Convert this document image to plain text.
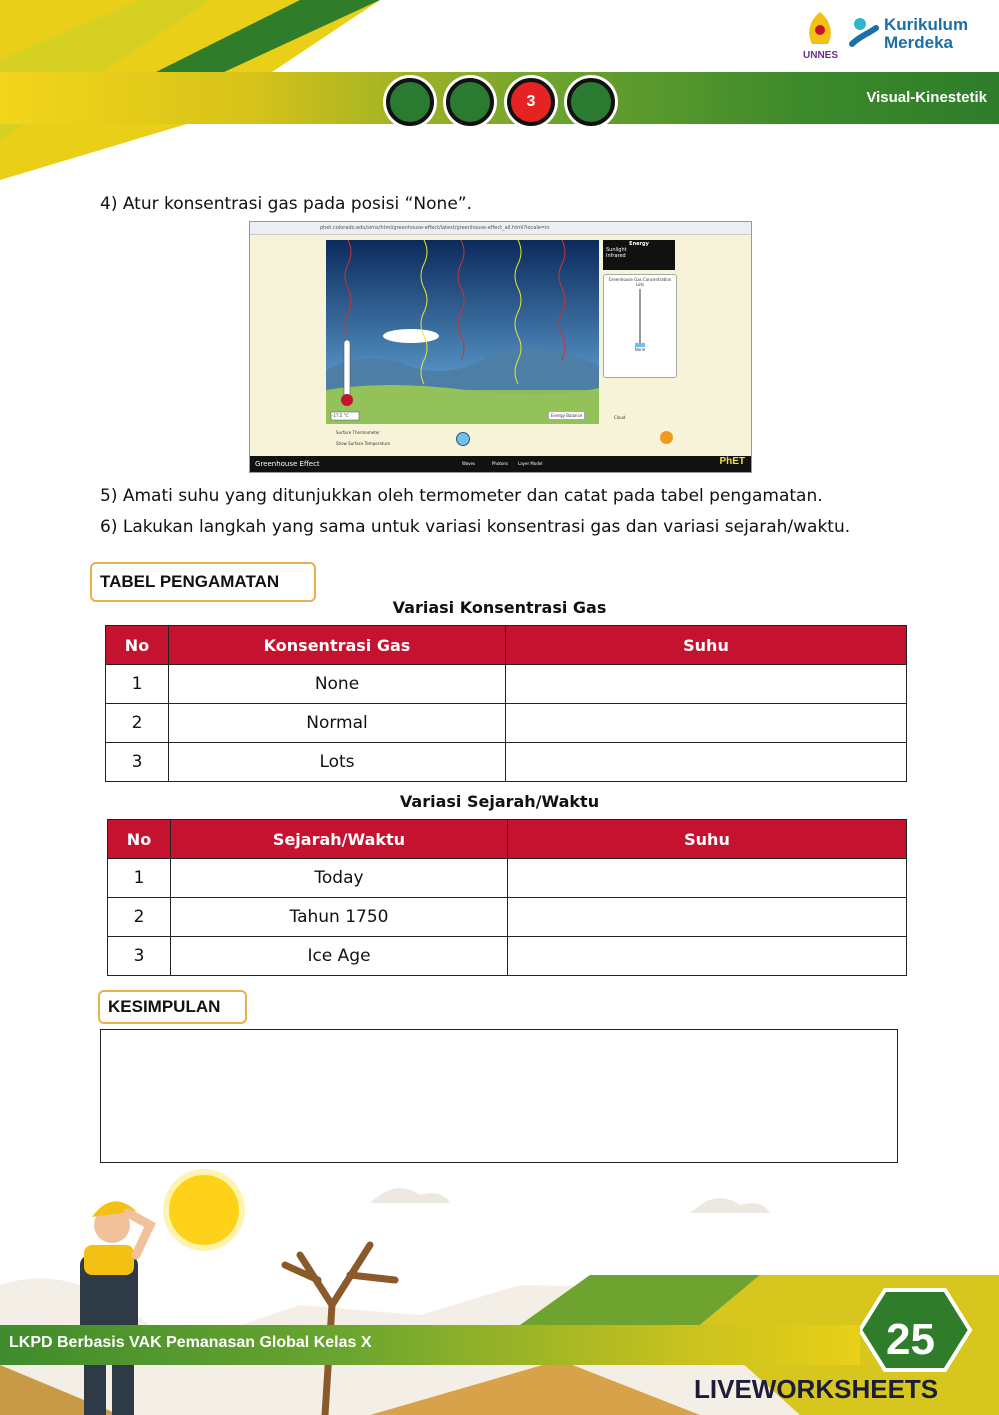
3	Visual-Kinestetik
UNNES
Kurikulum
Merdeka
4) Atur konsentrasi gas pada posisi “None”.
phet.colorado.edu/sims/html/greenhouse-effect/latest/greenhouse-effect_all.html?locale=in
-17.5 °C	Energy Balance
Energy
Sunlight
Infrared
Greenhouse Gas Concentration
Lots
None
Cloud
Surface Thermometer
Show Surface Temperature
Greenhouse Effect	Waves	Photons Layer Model	PhET
5) Amati suhu yang ditunjukkan oleh termometer dan catat pada tabel pengamatan.
6) Lakukan langkah yang sama untuk variasi konsentrasi gas dan variasi sejarah/waktu.
TABEL PENGAMATAN
Variasi Konsentrasi Gas
No	Konsentrasi Gas	Suhu
1	None	
2	Normal	
3	Lots	
Variasi Sejarah/Waktu
No	Sejarah/Waktu	Suhu
1	Today	
2	Tahun 1750	
3	Ice Age	
KESIMPULAN
LKPD Berbasis VAK Pemanasan Global Kelas X	25
LIVEWORKSHEETS
